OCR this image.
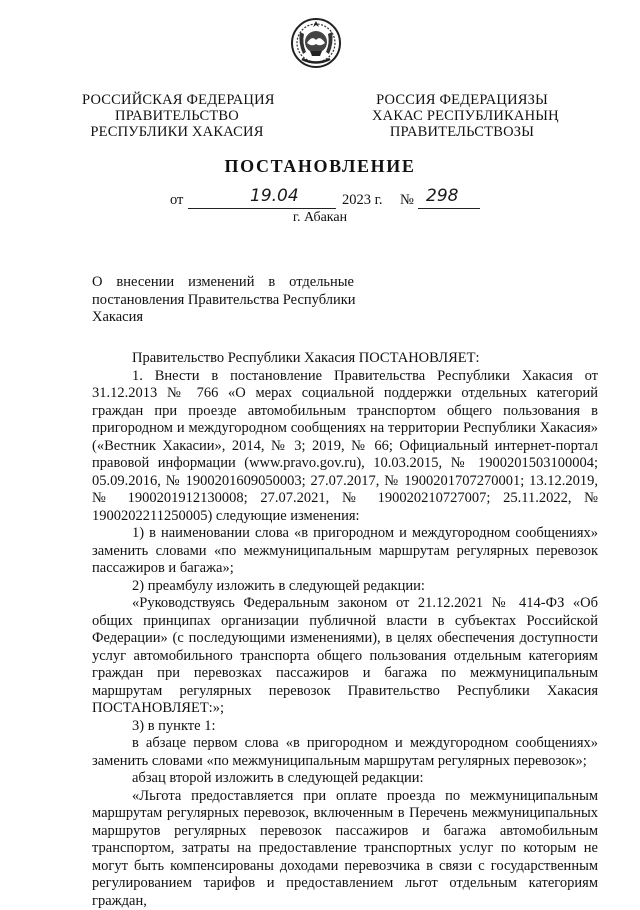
РОССИЙСКАЯ ФЕДЕРАЦИЯ
ПРАВИТЕЛЬСТВО
РЕСПУБЛИКИ ХАКАСИЯ
РОССИЯ ФЕДЕРАЦИЯЗЫ
ХАКАС РЕСПУБЛИКАНЫҢ
ПРАВИТЕЛЬСТВОЗЫ
ПОСТАНОВЛЕНИЕ
от	19.04	2023 г. № 298
г. Абакан
О внесении изменений в отдельные
постановления Правительства Республики
Хакасия

Правительство Республики Хакасия ПОСТАНОВЛЯЕТ:

1. Внести в постановление Правительства Республики Хакасия от 31.12.2013 № 766 «О мерах социальной поддержки отдельных категорий граждан при проезде автомобильным транспортом общего пользования в пригородном и междугородном сообщениях на территории Республики Хакасия» («Вестник Хакасии», 2014, № 3; 2019, № 66; Официальный интернет-портал правовой информации (www.pravo.gov.ru), 10.03.2015, № 1900201503100004; 05.09.2016, № 1900201609050003; 27.07.2017, № 1900201707270001; 13.12.2019, № 1900201912130008; 27.07.2021, № 190020210727007; 25.11.2022, № 1900202211250005) следующие изменения:

1) в наименовании слова «в пригородном и междугородном сообщениях» заменить словами «по межмуниципальным маршрутам регулярных перевозок пассажиров и багажа»;

2) преамбулу изложить в следующей редакции:

«Руководствуясь Федеральным законом от 21.12.2021 № 414-ФЗ «Об общих принципах организации публичной власти в субъектах Российской Федерации» (с последующими изменениями), в целях обеспечения доступности услуг автомобильного транспорта общего пользования отдельным категориям граждан при перевозках пассажиров и багажа по межмуниципальным маршрутам регулярных перевозок Правительство Республики Хакасия ПОСТАНОВЛЯЕТ:»;

3) в пункте 1:

в абзаце первом слова «в пригородном и междугородном сообщениях» заменить словами «по межмуниципальным маршрутам регулярных перевозок»;

абзац второй изложить в следующей редакции:

«Льгота предоставляется при оплате проезда по межмуниципальным маршрутам регулярных перевозок, включенным в Перечень межмуниципальных маршрутов регулярных перевозок пассажиров и багажа автомобильным транспортом, затраты на предоставление транспортных услуг по которым не могут быть компенсированы доходами перевозчика в связи с государственным регулированием тарифов и предоставлением льгот отдельным категориям граждан,
